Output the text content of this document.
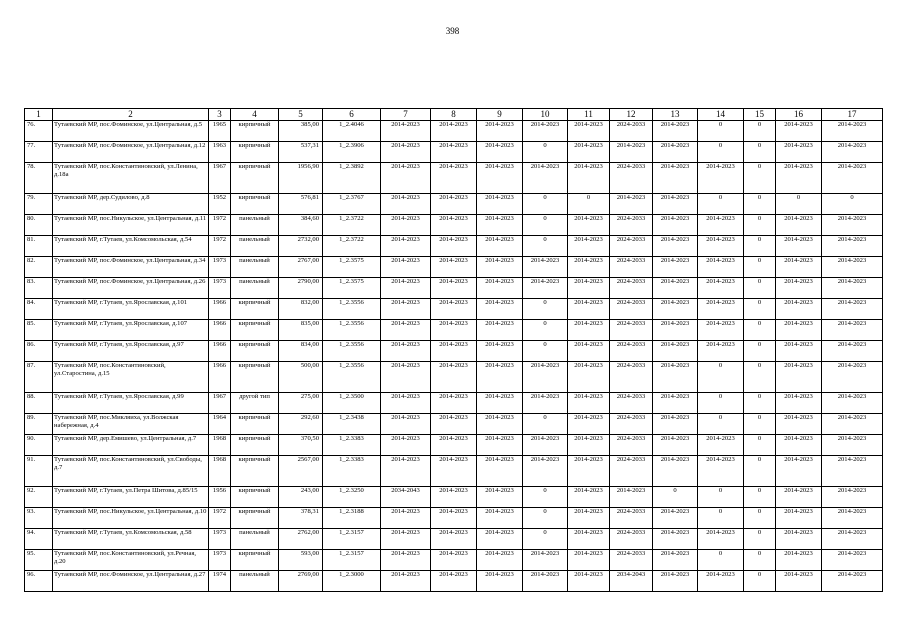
398
1	2	3	4	5	6	7	8	9	10	11	12	13	14	15	16	17
76.	Тутаевский МР, пос.Фоминское, ул.Центральная, д.5	1965	кирпичный	385,00	1_2.4046	2014-2023	2014-2023	2014-2023	2014-2023	2014-2023	2024-2033	2014-2023	0	0	2014-2023	2014-2023
77.	Тутаевский МР, пос.Фоминское, ул.Центральная, д.12	1963	кирпичный	537,31	1_2.3906	2014-2023	2014-2023	2014-2023	0	2014-2023	2014-2023	2014-2023	0	0	2014-2023	2014-2023
78.	Тутаевский МР, пос.Константиновский, ул.Ленина, д.18а	1967	кирпичный	1956,90	1_2.3892	2014-2023	2014-2023	2014-2023	2014-2023	2014-2023	2024-2033	2014-2023	2014-2023	0	2014-2023	2014-2023
79.	Тутаевский МР, дер.Судилово, д.8	1952	кирпичный	576,81	1_2.3767	2014-2023	2014-2023	2014-2023	0	0	2014-2023	2014-2023	0	0	0	0
80.	Тутаевский МР, пос.Никульское, ул.Центральная, д.11	1972	панельный	384,60	1_2.3722	2014-2023	2014-2023	2014-2023	0	2014-2023	2024-2033	2014-2023	2014-2023	0	2014-2023	2014-2023
81.	Тутаевский МР, г.Тутаев, ул.Комсомольская, д.54	1972	панельный	2732,00	1_2.3722	2014-2023	2014-2023	2014-2023	0	2014-2023	2024-2033	2014-2023	2014-2023	0	2014-2023	2014-2023
82.	Тутаевский МР, пос.Фоминское, ул.Центральная, д.34	1973	панельный	2767,00	1_2.3575	2014-2023	2014-2023	2014-2023	2014-2023	2014-2023	2024-2033	2014-2023	2014-2023	0	2014-2023	2014-2023
83.	Тутаевский МР, пос.Фоминское, ул.Центральная, д.26	1973	панельный	2790,00	1_2.3575	2014-2023	2014-2023	2014-2023	2014-2023	2014-2023	2024-2033	2014-2023	2014-2023	0	2014-2023	2014-2023
84.	Тутаевский МР, г.Тутаев, ул.Ярославская, д.101	1966	кирпичный	832,00	1_2.3556	2014-2023	2014-2023	2014-2023	0	2014-2023	2024-2033	2014-2023	2014-2023	0	2014-2023	2014-2023
85.	Тутаевский МР, г.Тутаев, ул.Ярославская, д.107	1966	кирпичный	835,00	1_2.3556	2014-2023	2014-2023	2014-2023	0	2014-2023	2024-2033	2014-2023	2014-2023	0	2014-2023	2014-2023
86.	Тутаевский МР, г.Тутаев, ул.Ярославская, д.97	1966	кирпичный	834,00	1_2.3556	2014-2023	2014-2023	2014-2023	0	2014-2023	2024-2033	2014-2023	2014-2023	0	2014-2023	2014-2023
87.	Тутаевский МР, пос.Константиновский, ул.Старостина, д.15	1966	кирпичный	500,00	1_2.3556	2014-2023	2014-2023	2014-2023	2014-2023	2014-2023	2024-2033	2014-2023	0	0	2014-2023	2014-2023
88.	Тутаевский МР, г.Тутаев, ул.Ярославская, д.99	1967	другой тип	275,00	1_2.3500	2014-2023	2014-2023	2014-2023	2014-2023	2014-2023	2024-2033	2014-2023	0	0	2014-2023	2014-2023
89.	Тутаевский МР, пос.Микляиха, ул.Волжская набережная, д.4	1964	кирпичный	292,60	1_2.3438	2014-2023	2014-2023	2014-2023	0	2014-2023	2024-2033	2014-2023	0	0	2014-2023	2014-2023
90.	Тутаевский МР, дер.Емишево, ул.Центральная, д.7	1968	кирпичный	370,50	1_2.3383	2014-2023	2014-2023	2014-2023	2014-2023	2014-2023	2024-2033	2014-2023	2014-2023	0	2014-2023	2014-2023
91.	Тутаевский МР, пос.Константиновский, ул.Свободы, д.7	1968	кирпичный	2567,00	1_2.3383	2014-2023	2014-2023	2014-2023	2014-2023	2014-2023	2024-2033	2014-2023	2014-2023	0	2014-2023	2014-2023
92.	Тутаевский МР, г.Тутаев, ул.Петра Шитова, д.85/15	1956	кирпичный	243,00	1_2.3250	2034-2043	2014-2023	2014-2023	0	2014-2023	2014-2023	0	0	0	2014-2023	2014-2023
93.	Тутаевский МР, пос.Никульское, ул.Центральная, д.10	1972	кирпичный	378,31	1_2.3188	2014-2023	2014-2023	2014-2023	0	2014-2023	2024-2033	2014-2023	0	0	2014-2023	2014-2023
94.	Тутаевский МР, г.Тутаев, ул.Комсомольская, д.58	1973	панельный	2762,00	1_2.3157	2014-2023	2014-2023	2014-2023	0	2014-2023	2024-2033	2014-2023	2014-2023	0	2014-2023	2014-2023
95.	Тутаевский МР, пос.Константиновский, ул.Речная, д.20	1973	кирпичный	593,00	1_2.3157	2014-2023	2014-2023	2014-2023	2014-2023	2014-2023	2024-2033	2014-2023	0	0	2014-2023	2014-2023
96.	Тутаевский МР, пос.Фоминское, ул.Центральная, д.27	1974	панельный	2769,00	1_2.3000	2014-2023	2014-2023	2014-2023	2014-2023	2014-2023	2034-2043	2014-2023	2014-2023	0	2014-2023	2014-2023
